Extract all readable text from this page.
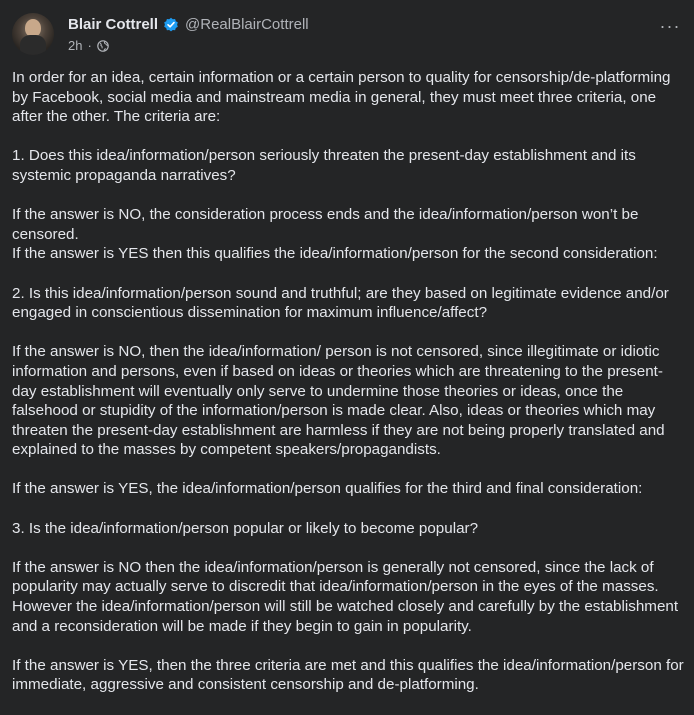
Blair Cottrell @RealBlairCottrell
2h ·
···

In order for an idea, certain information or a certain person to quality for censorship/de-platforming by Facebook, social media and mainstream media in general, they must meet three criteria, one after the other. The criteria are:

1. Does this idea/information/person seriously threaten the present-day establishment and its systemic propaganda narratives?

If the answer is NO, the consideration process ends and the idea/information/person won’t be censored.

If the answer is YES then this qualifies the idea/information/person for the second consideration:

2. Is this idea/information/person sound and truthful; are they based on legitimate evidence and/or engaged in conscientious dissemination for maximum influence/affect?

If the answer is NO, then the idea/information/ person is not censored, since illegitimate or idiotic information and persons, even if based on ideas or theories which are threatening to the present-day establishment will eventually only serve to undermine those theories or ideas, once the falsehood or stupidity of the information/person is made clear. Also, ideas or theories which may threaten the present-day establishment are harmless if they are not being properly translated and explained to the masses by competent speakers/propagandists.

If the answer is YES, the idea/information/person qualifies for the third and final consideration:

3. Is the idea/information/person popular or likely to become popular?

If the answer is NO then the idea/information/person is generally not censored, since the lack of popularity may actually serve to discredit that idea/information/person in the eyes of the masses. However the idea/information/person will still be watched closely and carefully by the establishment and a reconsideration will be made if they begin to gain in popularity.

If the answer is YES, then the three criteria are met and this qualifies the idea/information/person for immediate, aggressive and consistent censorship and de-platforming.
